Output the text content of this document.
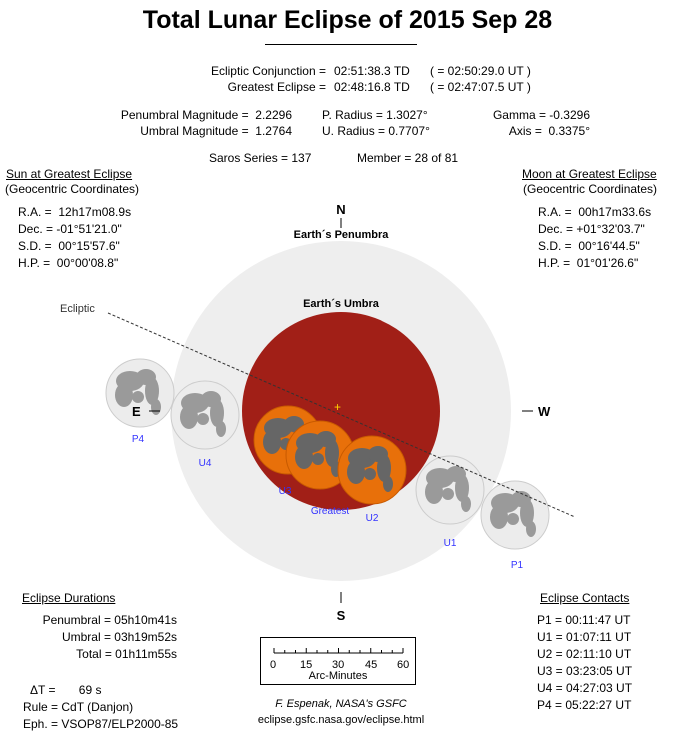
Total Lunar Eclipse of 2015 Sep 28
Ecliptic Conjunction = 02:51:38.3 TD ( = 02:50:29.0 UT )
Greatest Eclipse = 02:48:16.8 TD ( = 02:47:07.5 UT )
Penumbral Magnitude =  2.2296
Umbral Magnitude =  1.2764
P. Radius = 1.3027°
U. Radius = 0.7707°
Gamma = -0.3296
Axis =  0.3375°
Saros Series = 137	Member = 28 of 81
Sun at Greatest Eclipse
(Geocentric Coordinates)
R.A. =  12h17m08.9s
Dec. = -01°51'21.0"
S.D. =  00°15'57.6"
H.P. =  00°00'08.8"
Moon at Greatest Eclipse
(Geocentric Coordinates)
R.A. =  00h17m33.6s
Dec. = +01°32'03.7"
S.D. =  00°16'44.5"
H.P. =  01°01'26.6"
Ecliptic
+
N
Earth´s Penumbra
Earth´s Umbra
E	W
S
P4
U4
U3
Greatest
U2
U1
P1
Eclipse Durations
Penumbral = 05h10m41s
Umbral = 03h19m52s
Total = 01h11m55s
ΔT =       69 s
Rule = CdT (Danjon)
Eph. = VSOP87/ELP2000-85
0 15 30 45 60
Arc-Minutes
F. Espenak, NASA's GSFC
eclipse.gsfc.nasa.gov/eclipse.html
Eclipse Contacts
P1 = 00:11:47 UT
U1 = 01:07:11 UT
U2 = 02:11:10 UT
U3 = 03:23:05 UT
U4 = 04:27:03 UT
P4 = 05:22:27 UT
